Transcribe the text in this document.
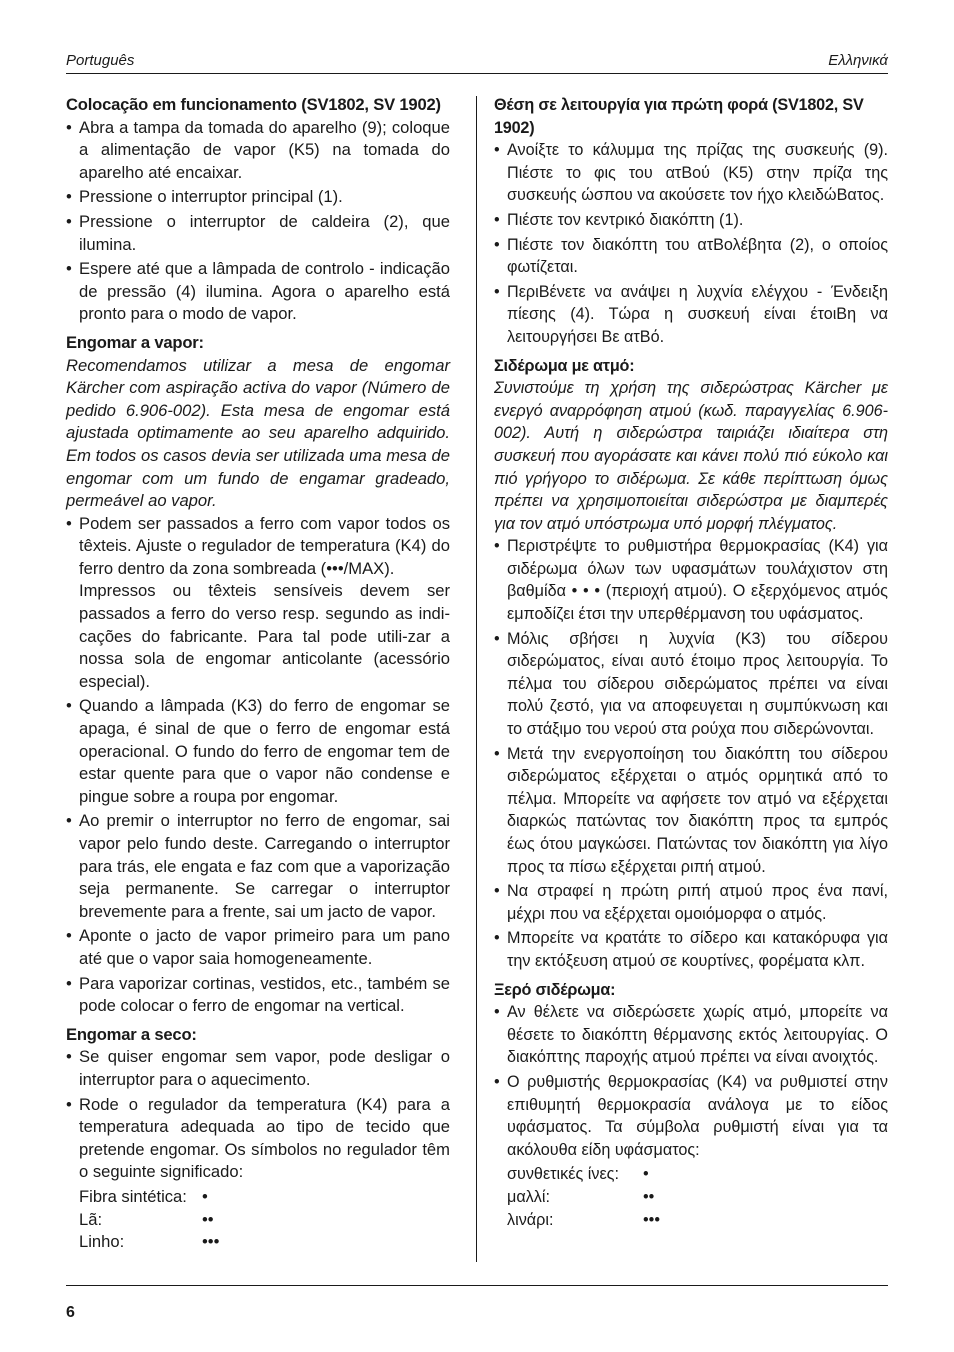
Português	Ελληνικά

Colocação em funcionamento (SV1802, SV 1902)

• Abra a tampa da tomada do aparelho (9); coloque a alimentação de vapor (K5) na tomada do aparelho até encaixar.
• Pressione o interruptor principal (1).
• Pressione o interruptor de caldeira (2), que ilumina.
• Espere até que a lâmpada de controlo - indicação de pressão (4) ilumina. Agora o aparelho está pronto para o modo de vapor.

Engomar a vapor:

Recomendamos utilizar a mesa de engomar Kärcher com aspiração activa do vapor (Número de pedido 6.906-002). Esta mesa de engomar está ajustada optimamente ao seu aparelho adquirido. Em todos os casos devia ser utilizada uma mesa de engomar com um fundo de engamar gradeado, permeável ao vapor.

• Podem ser passados a ferro com vapor todos os têxteis. Ajuste o regulador de temperatura (K4) do ferro dentro da zona sombreada (•••/MAX).

Impressos ou têxteis sensíveis devem ser passados a ferro do verso resp. segundo as indi-cações do fabricante. Para tal pode utili-zar a nossa sola de engomar anticolante (acessório especial).

• Quando a lâmpada (K3) do ferro de engomar se apaga, é sinal de que o ferro de engomar está operacional. O fundo do ferro de engomar tem de estar quente para que o vapor não condense e pingue sobre a roupa por engomar.
• Ao premir o interruptor no ferro de engomar, sai vapor pelo fundo deste. Carregando o interruptor para trás, ele engata e faz com que a vaporização seja permanente. Se carregar o interruptor brevemente para a frente, sai um jacto de vapor.
• Aponte o jacto de vapor primeiro para um pano até que o vapor saia homogeneamente.
• Para vaporizar cortinas, vestidos, etc., também se pode colocar o ferro de engomar na vertical.

Engomar a seco:

• Se quiser engomar sem vapor, pode desligar o interruptor para o aquecimento.
• Rode o regulador da temperatura (K4) para a temperatura adequada ao tipo de tecido que pretende engomar. Os símbolos no regulador têm o seguinte significado:
Fibra sintética: •
Lã:	••
Linho:	•••

Θέση σε λειτουργία για πρώτη φορά (SV1802, SV 1902)

• Ανοίξτε το κάλυμμα της πρίζας της συσκευής (9). Πιέστε το φις του ατΒού (K5) στην πρίζα της συσκευής ώσπου να ακούσετε τον ήχο κλειδώΒατος.
• Πιέστε τον κεντρικό διακόπτη (1).
• Πιέστε τον διακόπτη του ατΒολέβητα (2), ο οποίος φωτίζεται.
• ΠεριΒένετε να ανάψει η λυχνία ελέγχου - Ένδειξη πίεσης (4). Τώρα η συσκευή είναι έτοιΒη να λειτουργήσει Βε ατΒό.

Σιδέρωμα με ατμό:

Συνιστούμε τη χρήση της σιδερώστρας Kärcher με ενεργό αναρρόφηση ατμού (κωδ. παραγγελίας 6.906-002). Αυτή η σιδερώστρα ταιριάζει ιδιαίτερα στη συσκευή που αγοράσατε και κάνει πολύ πιό εύκολο και πιό γρήγορο το σιδέρωμα. Σε κάθε περίπτωση όμως πρέπει να χρησιμοποιείται σιδερώστρα με διαμπερές για τον ατμό υπόστρωμα υπό μορφή πλέγματος.

• Περιστρέψτε το ρυθμιστήρα θερμοκρασίας (K4) για σιδέρωμα όλων των υφασμάτων τουλάχιστον στη βαθμίδα • • • (περιοχή ατμού). Ο εξερχόμενος ατμός εμποδίζει έτσι την υπερθέρμανση του υφάσματος.
• Μόλις σβήσει η λυχνία (K3) του σίδερου σιδερώματος, είναι αυτό έτοιμο προς λειτουργία. Το πέλμα του σίδερου σιδερώματος πρέπει να είναι πολύ ζεστό, για να αποφευγεται η συμπύκνωση και το στάξιμο του νερού στα ρούχα που σιδερώνονται.
• Μετά την ενεργοποίηση του διακόπτη του σίδερου σιδερώματος εξέρχεται ο ατμός ορμητικά από το πέλμα. Μπορείτε να αφήσετε τον ατμό να εξέρχεται διαρκώς πατώντας τον διακόπτη προς τα εμπρός έως ότου μαγκώσει. Πατώντας τον διακόπτη για λίγο προς τα πίσω εξέρχεται ριπή ατμού.
• Να στραφεί η πρώτη ριπή ατμού προς ένα πανί, μέχρι που να εξέρχεται ομοιόμορφα ο ατμός.
• Μπορείτε να κρατάτε το σίδερο και κατακόρυφα για την εκτόξευση ατμού σε κουρτίνες, φορέματα κλπ.

Ξερό σιδέρωμα:

• Αν θέλετε να σιδερώσετε χωρίς ατμό, μπορείτε να θέσετε το διακόπτη θέρμανσης εκτός λειτουργίας. Ο διακόπτης παροχής ατμού πρέπει να είναι ανοιχτός.
• Ο ρυθμιστής θερμοκρασίας (K4) να ρυθμιστεί στην επιθυμητή θερμοκρασία ανάλογα με το είδος υφάσματος. Τα σύμβολα ρυθμιστή είναι για τα ακόλουθα είδη υφάσματος:
συνθετικές ίνες:	•
μαλλί:	••
λινάρι:	•••
6
